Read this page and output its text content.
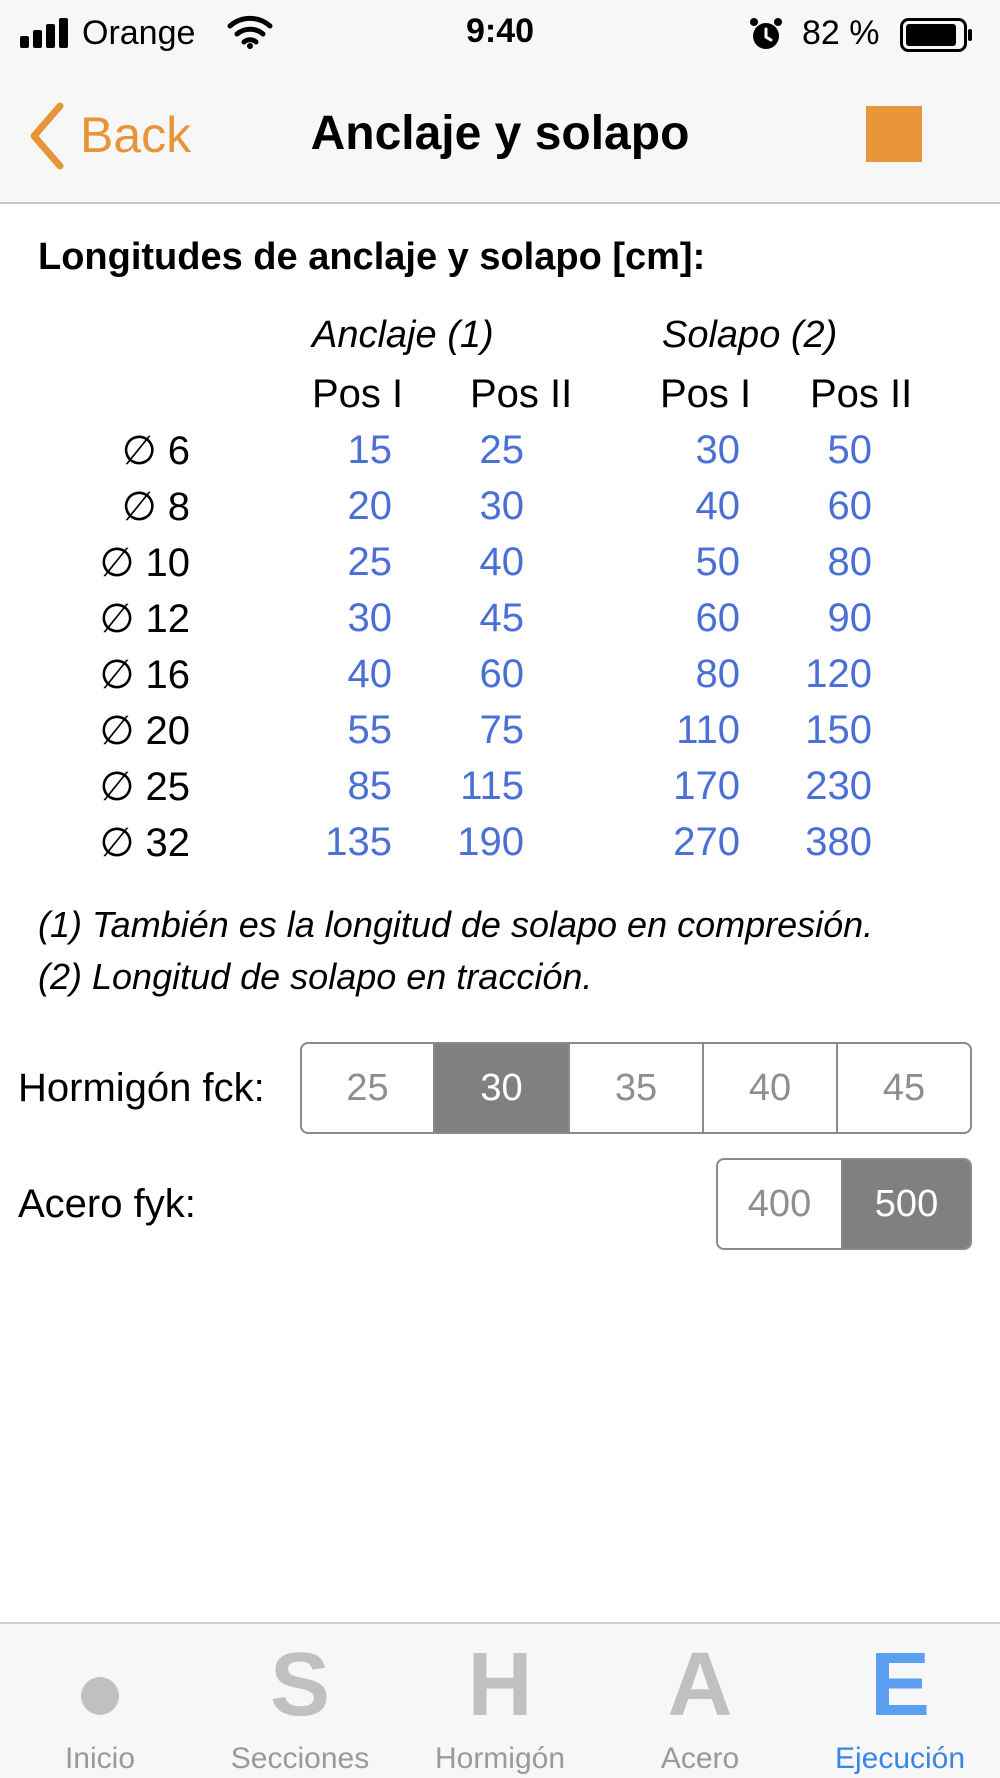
Orange	9:40	82 %
Back	Anclaje y solapo
Longitudes de anclaje y solapo [cm]:
Anclaje (1)	Solapo (2)
Pos I Pos II Pos I Pos II
∅ 6	15	25	30	50
∅ 8	20	30	40	60
∅ 10	25	40	50	80
∅ 12	30	45	60	90
∅ 16	40	60	80	120
∅ 20	55	75	110	150
∅ 25	85	115	170	230
∅ 32	135	190	270	380
(1) También es la longitud de solapo en compresión.
(2) Longitud de solapo en tracción.
Hormigón fck:	25	30	35	40	45
Acero fyk:	400	500
Inicio
S
Secciones
H
Hormigón
A
Acero
E
Ejecución
